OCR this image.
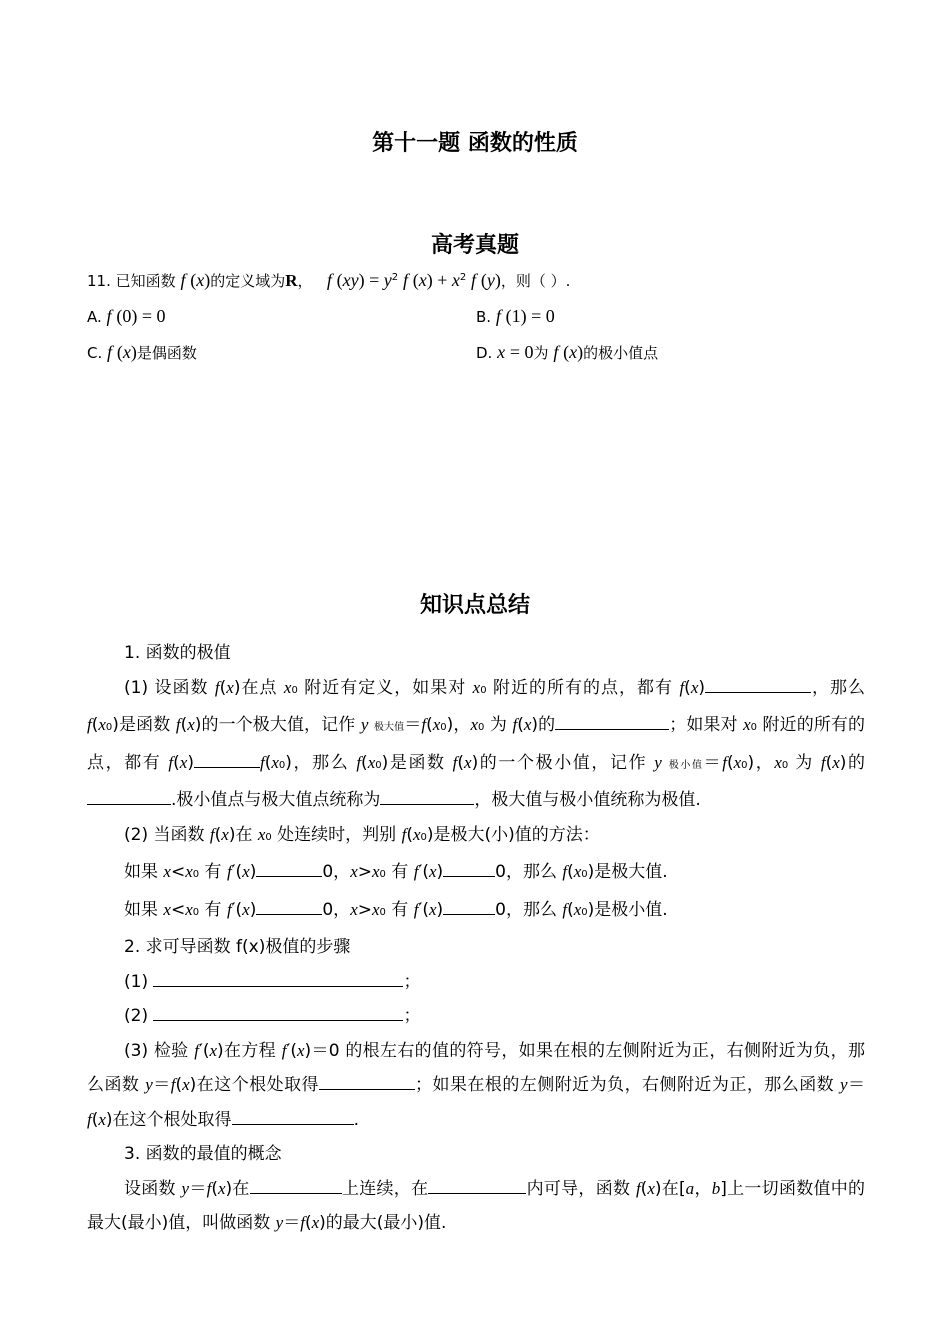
第十一题 函数的性质
高考真题
11. 已知函数 f (x)的定义域为R，   f $(xy) = y^2$ f $(x) + x^2$ f (y)，则（ ）.
A. f (0) = 0	B. f (1) = 0
C. f (x)是偶函数	D. x = 0为 f (x)的极小值点
知识点总结

1. 函数的极值

(1) 设函数 f(x)在点 x0 附近有定义，如果对 x0 附近的所有的点，都有 f(x)	，那么 f(x0)是函数 f(x)的一个极大值，记作 y 极大值＝f(x0)，x0 为 f(x)的	；如果对 x0 附近的所有的点，都有 f(x)	f(x0)，那么 f(x0)是函数 f(x)的一个极小值，记作 y 极小值＝f(x0)，x0 为 f(x)的.极小值点与极大值点统称为	，极大值与极小值统称为极值.

(2) 当函数 f(x)在 x0 处连续时，判别 f(x0)是极大(小)值的方法：

如果 x<x0 有 f′(x)	0，x>x0 有 f′(x)	0，那么 f(x0)是极大值.

如果 x<x0 有 f′(x)	0，x>x0 有 f′(x)	0，那么 f(x0)是极小值.

2. 求可导函数 f(x)极值的步骤

(1)	；

(2)	；

(3) 检验 f′(x)在方程 f′(x)＝0 的根左右的值的符号，如果在根的左侧附近为正，右侧附近为负，那么函数 y＝f(x)在这个根处取得	；如果在根的左侧附近为负，右侧附近为正，那么函数 y＝f(x)在这个根处取得	.

3. 函数的最值的概念

设函数 y＝f(x)在	上连续，在	内可导，函数 f(x)在[a，b]上一切函数值中的最大(最小)值，叫做函数 y＝f(x)的最大(最小)值.
